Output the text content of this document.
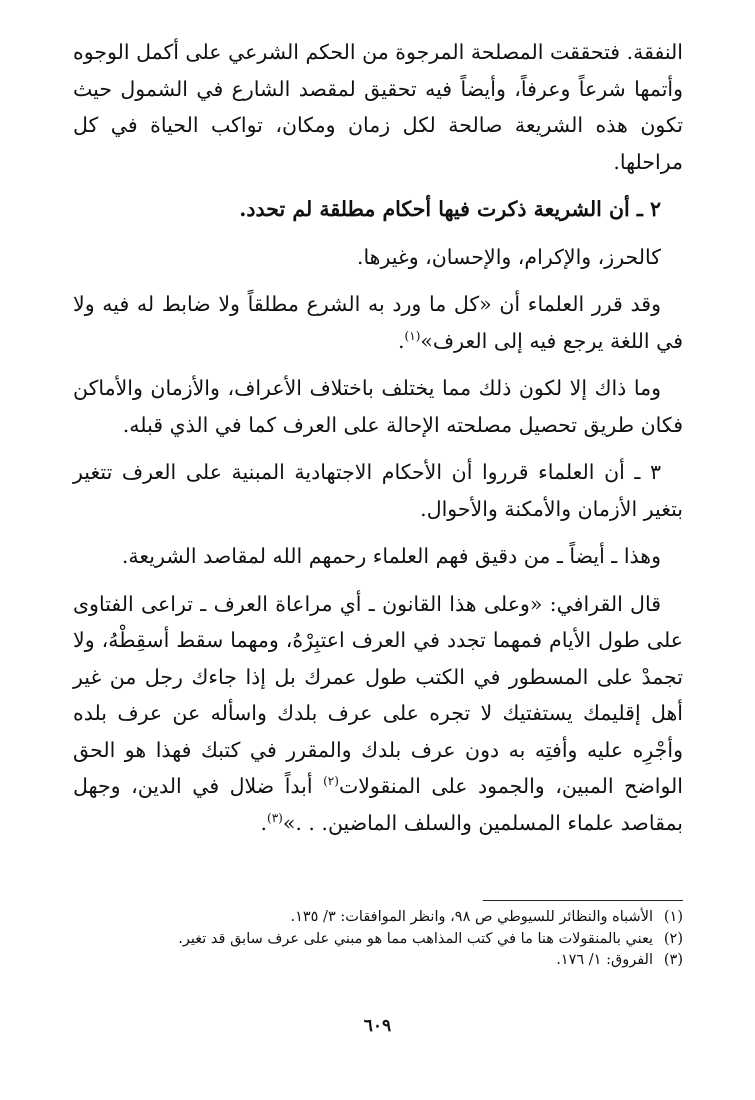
النفقة. فتحققت المصلحة المرجوة من الحكم الشرعي على أكمل الوجوه وأتمها شرعاً وعرفاً، وأيضاً فيه تحقيق لمقصد الشارع في الشمول حيث تكون هذه الشريعة صالحة لكل زمان ومكان، تواكب الحياة في كل مراحلها.

٢ ـ أن الشريعة ذكرت فيها أحكام مطلقة لم تحدد.

كالحرز، والإكرام، والإحسان، وغيرها.

وقد قرر العلماء أن «كل ما ورد به الشرع مطلقاً ولا ضابط له فيه ولا في اللغة يرجع فيه إلى العرف»$^{(١)}$.

وما ذاك إلا لكون ذلك مما يختلف باختلاف الأعراف، والأزمان والأماكن فكان طريق تحصيل مصلحته الإحالة على العرف كما في الذي قبله.

٣ ـ أن العلماء قرروا أن الأحكام الاجتهادية المبنية على العرف تتغير بتغير الأزمان والأمكنة والأحوال.

وهذا ـ أيضاً ـ من دقيق فهم العلماء رحمهم الله لمقاصد الشريعة.

قال القرافي: «وعلى هذا القانون ـ أي مراعاة العرف ـ تراعى الفتاوى على طول الأيام فمهما تجدد في العرف اعتبِرْهُ، ومهما سقط أسقِطْهُ، ولا تجمدْ على المسطور في الكتب طول عمرك بل إذا جاءك رجل من غير أهل إقليمك يستفتيك لا تجره على عرف بلدك واسأله عن عرف بلده وأجْرِه عليه وأفتِه به دون عرف بلدك والمقرر في كتبك فهذا هو الحق الواضح المبين، والجمود على المنقولات$^{(٢)}$ أبداً ضلال في الدين، وجهل بمقاصد علماء المسلمين والسلف الماضين. . .»$^{(٣)}$.

(١)
الأشباه والنظائر للسيوطي ص ٩٨، وانظر الموافقات: ٣/ ١٣٥.
(٢)
يعني بالمنقولات هنا ما في كتب المذاهب مما هو مبني على عرف سابق قد تغير.
(٣)
الفروق: ١/ ١٧٦.
٦٠٩
